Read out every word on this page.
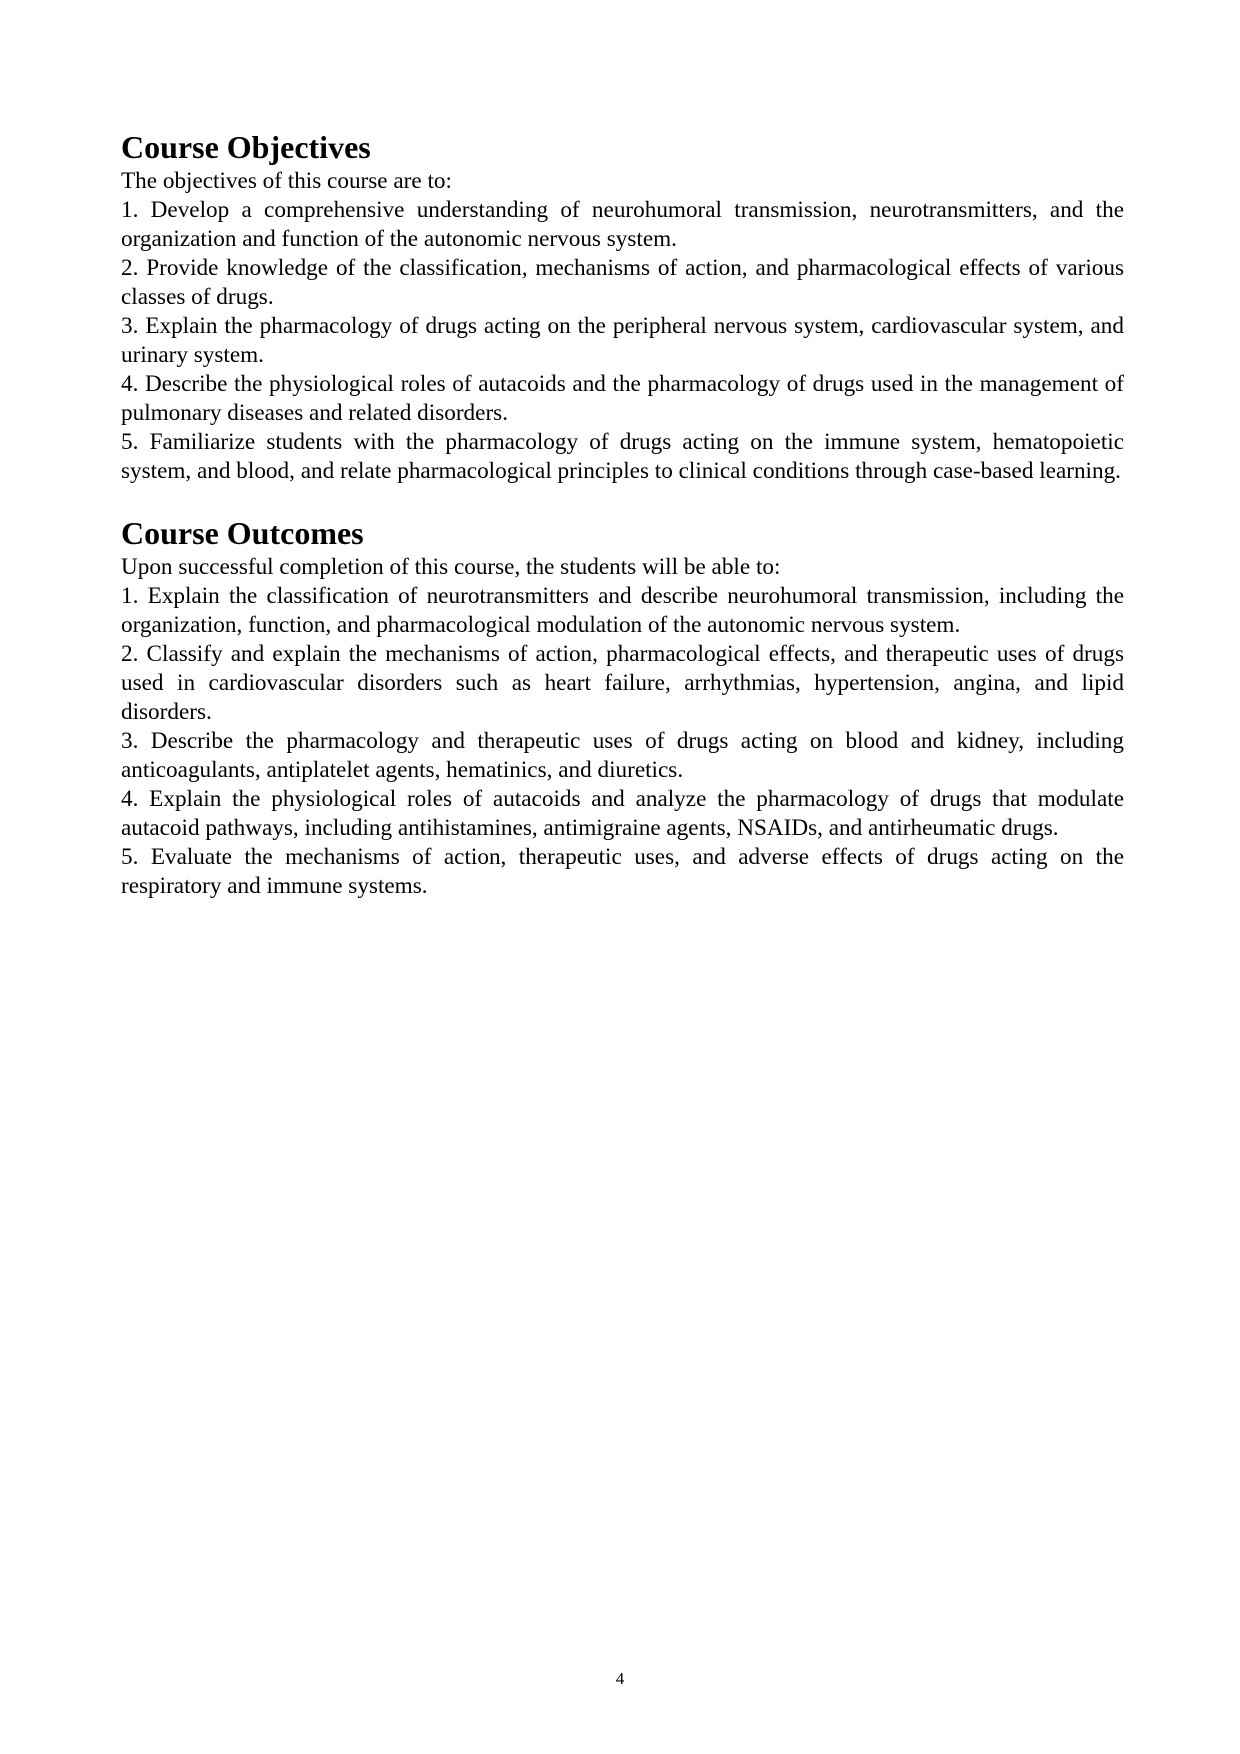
Course Objectives

The objectives of this course are to:

1. Develop a comprehensive understanding of neurohumoral transmission, neurotransmitters, and the organization and function of the autonomic nervous system.

2. Provide knowledge of the classification, mechanisms of action, and pharmacological effects of various classes of drugs.

3. Explain the pharmacology of drugs acting on the peripheral nervous system, cardiovascular system, and urinary system.

4. Describe the physiological roles of autacoids and the pharmacology of drugs used in the management of pulmonary diseases and related disorders.

5. Familiarize students with the pharmacology of drugs acting on the immune system, hematopoietic system, and blood, and relate pharmacological principles to clinical conditions through case-based learning.

Course Outcomes

Upon successful completion of this course, the students will be able to:

1. Explain the classification of neurotransmitters and describe neurohumoral transmission, including the organization, function, and pharmacological modulation of the autonomic nervous system.

2. Classify and explain the mechanisms of action, pharmacological effects, and therapeutic uses of drugs used in cardiovascular disorders such as heart failure, arrhythmias, hypertension, angina, and lipid disorders.

3. Describe the pharmacology and therapeutic uses of drugs acting on blood and kidney, including anticoagulants, antiplatelet agents, hematinics, and diuretics.

4. Explain the physiological roles of autacoids and analyze the pharmacology of drugs that modulate autacoid pathways, including antihistamines, antimigraine agents, NSAIDs, and antirheumatic drugs.

5. Evaluate the mechanisms of action, therapeutic uses, and adverse effects of drugs acting on the respiratory and immune systems.

4
